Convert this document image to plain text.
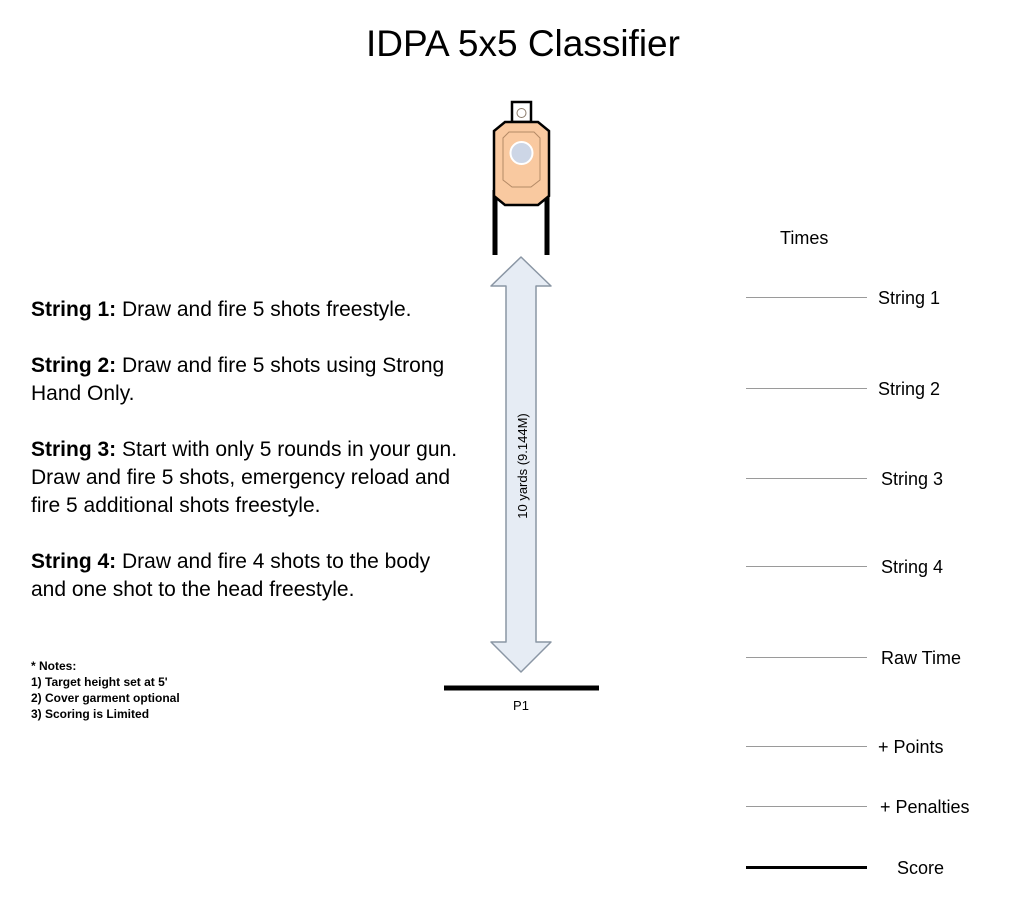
IDPA 5x5 Classifier
String 1: Draw and fire 5 shots freestyle.
String 2: Draw and fire 5 shots using Strong Hand Only.
String 3: Start with only 5 rounds in your gun. Draw and fire 5 shots, emergency reload and fire 5 additional shots freestyle.
String 4: Draw and fire 4 shots to the body and one shot to the head freestyle.
* Notes:
1) Target height set at 5'
2) Cover garment optional
3) Scoring is Limited
10 yards (9.144M)
P1
Times
String 1
String 2
String 3
String 4
Raw Time
+ Points
+ Penalties
Score
